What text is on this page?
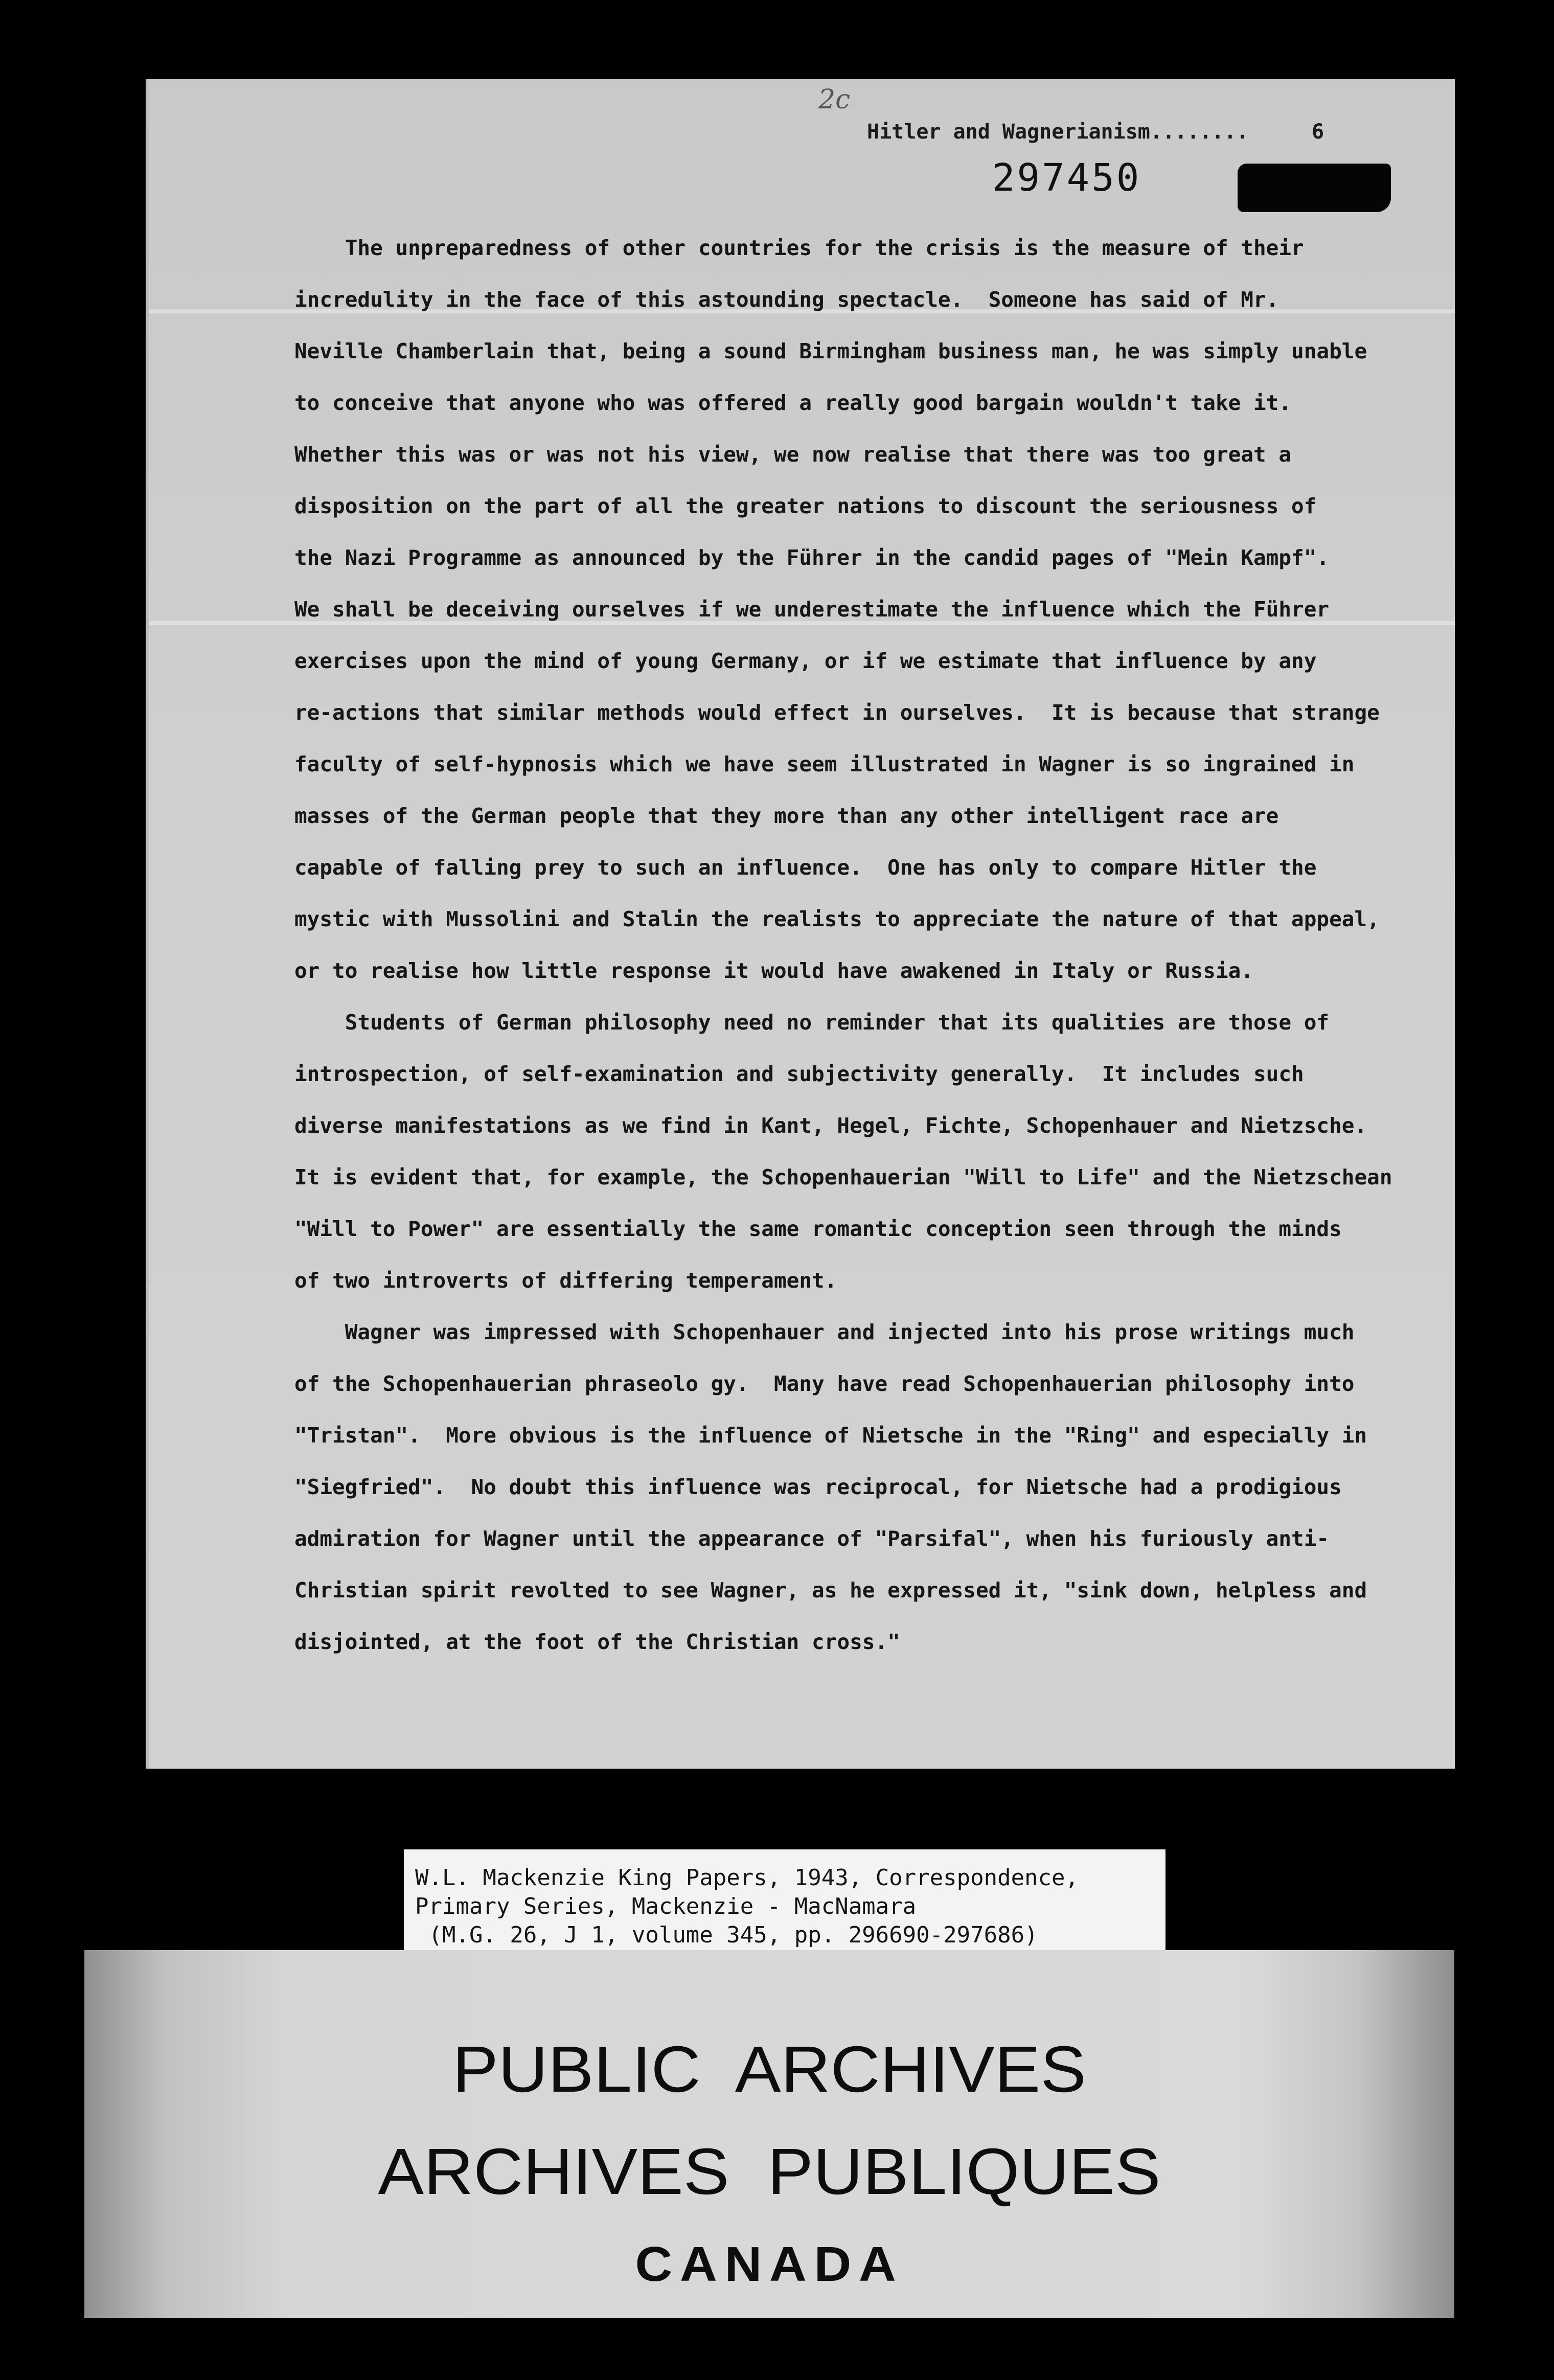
2c
Hitler and Wagnerianism........	6
297450
The unpreparedness of other countries for the crisis is the measure of their
incredulity in the face of this astounding spectacle.  Someone has said of Mr.
Neville Chamberlain that, being a sound Birmingham business man, he was simply unable
to conceive that anyone who was offered a really good bargain wouldn't take it.
Whether this was or was not his view, we now realise that there was too great a
disposition on the part of all the greater nations to discount the seriousness of
the Nazi Programme as announced by the Führer in the candid pages of "Mein Kampf".
We shall be deceiving ourselves if we underestimate the influence which the Führer
exercises upon the mind of young Germany, or if we estimate that influence by any
re-actions that similar methods would effect in ourselves.  It is because that strange
faculty of self-hypnosis which we have seem illustrated in Wagner is so ingrained in
masses of the German people that they more than any other intelligent race are
capable of falling prey to such an influence.  One has only to compare Hitler the
mystic with Mussolini and Stalin the realists to appreciate the nature of that appeal,
or to realise how little response it would have awakened in Italy or Russia.
Students of German philosophy need no reminder that its qualities are those of
introspection, of self-examination and subjectivity generally.  It includes such
diverse manifestations as we find in Kant, Hegel, Fichte, Schopenhauer and Nietzsche.
It is evident that, for example, the Schopenhauerian "Will to Life" and the Nietzschean
"Will to Power" are essentially the same romantic conception seen through the minds
of two introverts of differing temperament.
Wagner was impressed with Schopenhauer and injected into his prose writings much
of the Schopenhauerian phraseolo gy.  Many have read Schopenhauerian philosophy into
"Tristan".  More obvious is the influence of Nietsche in the "Ring" and especially in
"Siegfried".  No doubt this influence was reciprocal, for Nietsche had a prodigious
admiration for Wagner until the appearance of "Parsifal", when his furiously anti-
Christian spirit revolted to see Wagner, as he expressed it, "sink down, helpless and
disjointed, at the foot of the Christian cross."
W.L. Mackenzie King Papers, 1943, Correspondence,
Primary Series, Mackenzie - MacNamara
(M.G. 26, J 1, volume 345, pp. 296690-297686)
PUBLIC  ARCHIVES
ARCHIVES  PUBLIQUES
CANADA
